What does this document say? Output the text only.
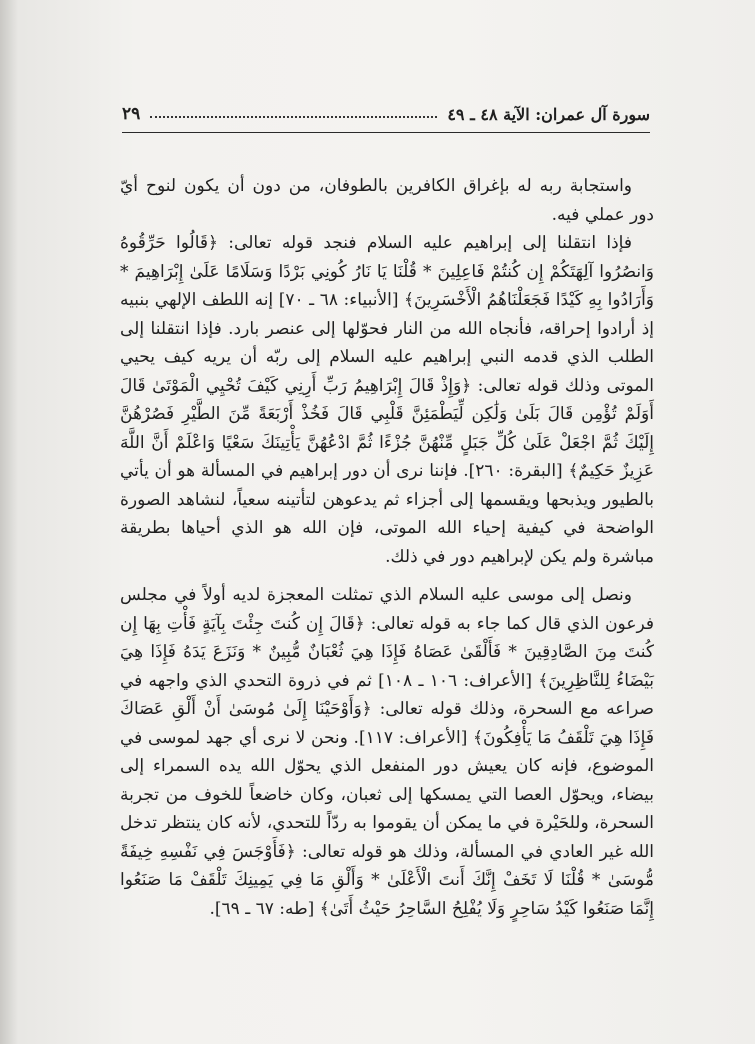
سورة آل عمران: الآية ٤٨ ـ ٤٩
٢٩

واستجابة ربه له بإغراق الكافرين بالطوفان، من دون أن يكون لنوح أيّ دور عملي فيه.

فإذا انتقلنا إلى إبراهيم عليه السلام فنجد قوله تعالى: ﴿قَالُوا حَرِّقُوهُ وَانصُرُوا آلِهَتَكُمْ إِن كُنتُمْ فَاعِلِينَ * قُلْنَا يَا نَارُ كُونِي بَرْدًا وَسَلَامًا عَلَىٰ إِبْرَاهِيمَ * وَأَرَادُوا بِهِ كَيْدًا فَجَعَلْنَاهُمُ الْأَخْسَرِينَ﴾ [الأنبياء: ٦٨ ـ ٧٠] إنه اللطف الإلهي بنبيه إذ أرادوا إحراقه، فأنجاه الله من النار فحوّلها إلى عنصر بارد. فإذا انتقلنا إلى الطلب الذي قدمه النبي إبراهيم عليه السلام إلى ربّه أن يريه كيف يحيي الموتى وذلك قوله تعالى: ﴿وَإِذْ قَالَ إِبْرَاهِيمُ رَبِّ أَرِنِي كَيْفَ تُحْيِي الْمَوْتَىٰ قَالَ أَوَلَمْ تُؤْمِن قَالَ بَلَىٰ وَلَٰكِن لِّيَطْمَئِنَّ قَلْبِي قَالَ فَخُذْ أَرْبَعَةً مِّنَ الطَّيْرِ فَصُرْهُنَّ إِلَيْكَ ثُمَّ اجْعَلْ عَلَىٰ كُلِّ جَبَلٍ مِّنْهُنَّ جُزْءًا ثُمَّ ادْعُهُنَّ يَأْتِينَكَ سَعْيًا وَاعْلَمْ أَنَّ اللَّهَ عَزِيزٌ حَكِيمٌ﴾ [البقرة: ٢٦٠]. فإننا نرى أن دور إبراهيم في المسألة هو أن يأتي بالطيور ويذبحها ويقسمها إلى أجزاء ثم يدعوهن لتأتينه سعياً، لنشاهد الصورة الواضحة في كيفية إحياء الله الموتى، فإن الله هو الذي أحياها بطريقة مباشرة ولم يكن لإبراهيم دور في ذلك.

ونصل إلى موسى عليه السلام الذي تمثلت المعجزة لديه أولاً في مجلس فرعون الذي قال كما جاء به قوله تعالى: ﴿قَالَ إِن كُنتَ جِئْتَ بِآيَةٍ فَأْتِ بِهَا إِن كُنتَ مِنَ الصَّادِقِينَ * فَأَلْقَىٰ عَصَاهُ فَإِذَا هِيَ ثُعْبَانٌ مُّبِينٌ * وَنَزَعَ يَدَهُ فَإِذَا هِيَ بَيْضَاءُ لِلنَّاظِرِينَ﴾ [الأعراف: ١٠٦ ـ ١٠٨] ثم في ذروة التحدي الذي واجهه في صراعه مع السحرة، وذلك قوله تعالى: ﴿وَأَوْحَيْنَا إِلَىٰ مُوسَىٰ أَنْ أَلْقِ عَصَاكَ فَإِذَا هِيَ تَلْقَفُ مَا يَأْفِكُونَ﴾ [الأعراف: ١١٧]. ونحن لا نرى أي جهد لموسى في الموضوع، فإنه كان يعيش دور المنفعل الذي يحوّل الله يده السمراء إلى بيضاء، ويحوّل العصا التي يمسكها إلى ثعبان، وكان خاضعاً للخوف من تجربة السحرة، وللحَيْرة في ما يمكن أن يقوموا به ردّاً للتحدي، لأنه كان ينتظر تدخل الله غير العادي في المسألة، وذلك هو قوله تعالى: ﴿فَأَوْجَسَ فِي نَفْسِهِ خِيفَةً مُّوسَىٰ * قُلْنَا لَا تَخَفْ إِنَّكَ أَنتَ الْأَعْلَىٰ * وَأَلْقِ مَا فِي يَمِينِكَ تَلْقَفْ مَا صَنَعُوا إِنَّمَا صَنَعُوا كَيْدُ سَاحِرٍ وَلَا يُفْلِحُ السَّاحِرُ حَيْثُ أَتَىٰ﴾ [طه: ٦٧ ـ ٦٩].
